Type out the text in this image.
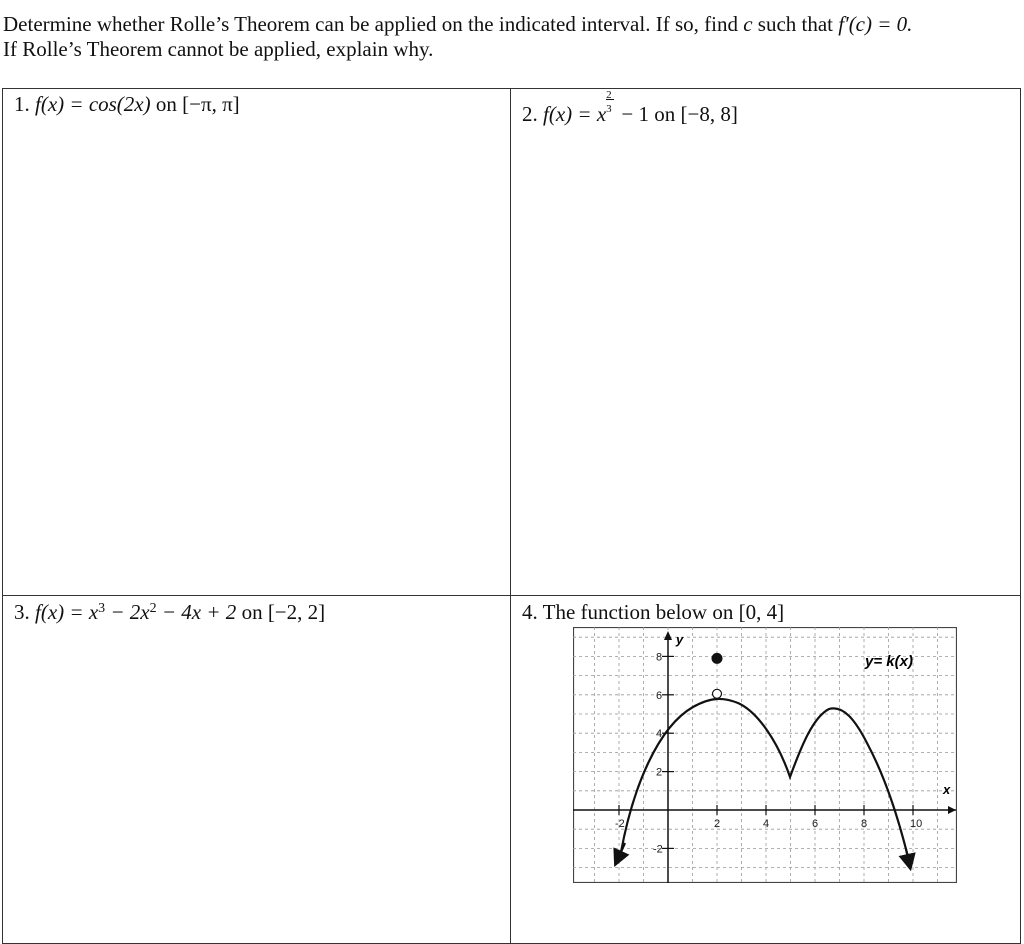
Determine whether Rolle’s Theorem can be applied on the indicated interval. If so, find c such that f′(c) = 0.
If Rolle’s Theorem cannot be applied, explain why.
1. f(x) = cos(2x) on [−π, π]	2. f(x) = x $\frac{2}{3} - 1$ on [−8, 8]
3. $f(x) = x^3 - 2x^2 - 4x + 2$ on [−2, 2]	4. The function below on [0, 4]
-2	2	4	6	8	10
8
6
4
2
-2
x
y
y= k(x)
